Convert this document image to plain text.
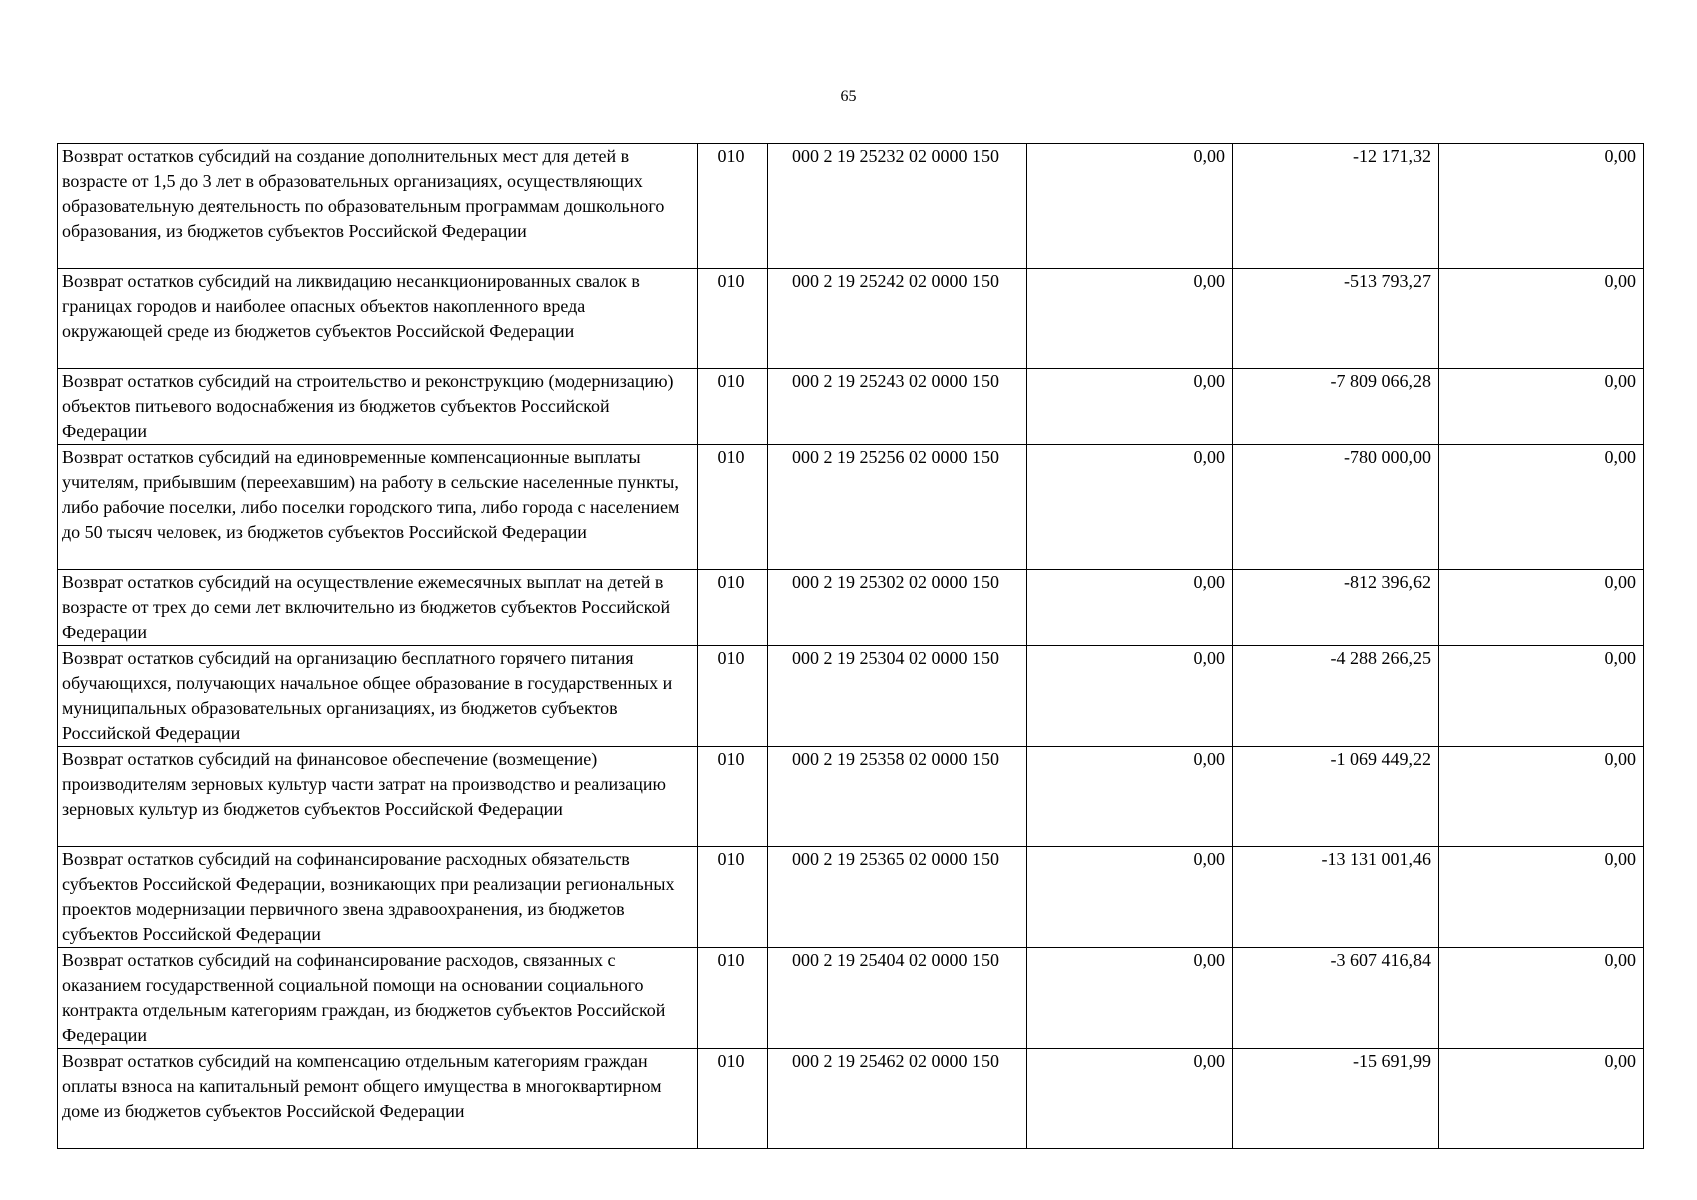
65
Возврат остатков субсидий на создание дополнительных мест для детей в возрасте от 1,5 до 3 лет в образовательных организациях, осуществляющих образовательную деятельность по образовательным программам дошкольного образования, из бюджетов субъектов Российской Федерации	010	000 2 19 25232 02 0000 150	0,00	-12 171,32	0,00
Возврат остатков субсидий на ликвидацию несанкционированных свалок в границах городов и наиболее опасных объектов накопленного вреда окружающей среде из бюджетов субъектов Российской Федерации	010	000 2 19 25242 02 0000 150	0,00	-513 793,27	0,00
Возврат остатков субсидий на строительство и реконструкцию (модернизацию) объектов питьевого водоснабжения из бюджетов субъектов Российской Федерации	010	000 2 19 25243 02 0000 150	0,00	-7 809 066,28	0,00
Возврат остатков субсидий на единовременные компенсационные выплаты учителям, прибывшим (переехавшим) на работу в сельские населенные пункты, либо рабочие поселки, либо поселки городского типа, либо города с населением до 50 тысяч человек, из бюджетов субъектов Российской Федерации	010	000 2 19 25256 02 0000 150	0,00	-780 000,00	0,00
Возврат остатков субсидий на осуществление ежемесячных выплат на детей в возрасте от трех до семи лет включительно из бюджетов субъектов Российской Федерации	010	000 2 19 25302 02 0000 150	0,00	-812 396,62	0,00
Возврат остатков субсидий на организацию бесплатного горячего питания обучающихся, получающих начальное общее образование в государственных и муниципальных образовательных организациях, из бюджетов субъектов Российской Федерации	010	000 2 19 25304 02 0000 150	0,00	-4 288 266,25	0,00
Возврат остатков субсидий на финансовое обеспечение (возмещение) производителям зерновых культур части затрат на производство и реализацию зерновых культур из бюджетов субъектов Российской Федерации	010	000 2 19 25358 02 0000 150	0,00	-1 069 449,22	0,00
Возврат остатков субсидий на софинансирование расходных обязательств субъектов Российской Федерации, возникающих при реализации региональных проектов модернизации первичного звена здравоохранения, из бюджетов субъектов Российской Федерации	010	000 2 19 25365 02 0000 150	0,00	-13 131 001,46	0,00
Возврат остатков субсидий на софинансирование расходов, связанных с оказанием государственной социальной помощи на основании социального контракта отдельным категориям граждан, из бюджетов субъектов Российской Федерации	010	000 2 19 25404 02 0000 150	0,00	-3 607 416,84	0,00
Возврат остатков субсидий на компенсацию отдельным категориям граждан оплаты взноса на капитальный ремонт общего имущества в многоквартирном доме из бюджетов субъектов Российской Федерации	010	000 2 19 25462 02 0000 150	0,00	-15 691,99	0,00
